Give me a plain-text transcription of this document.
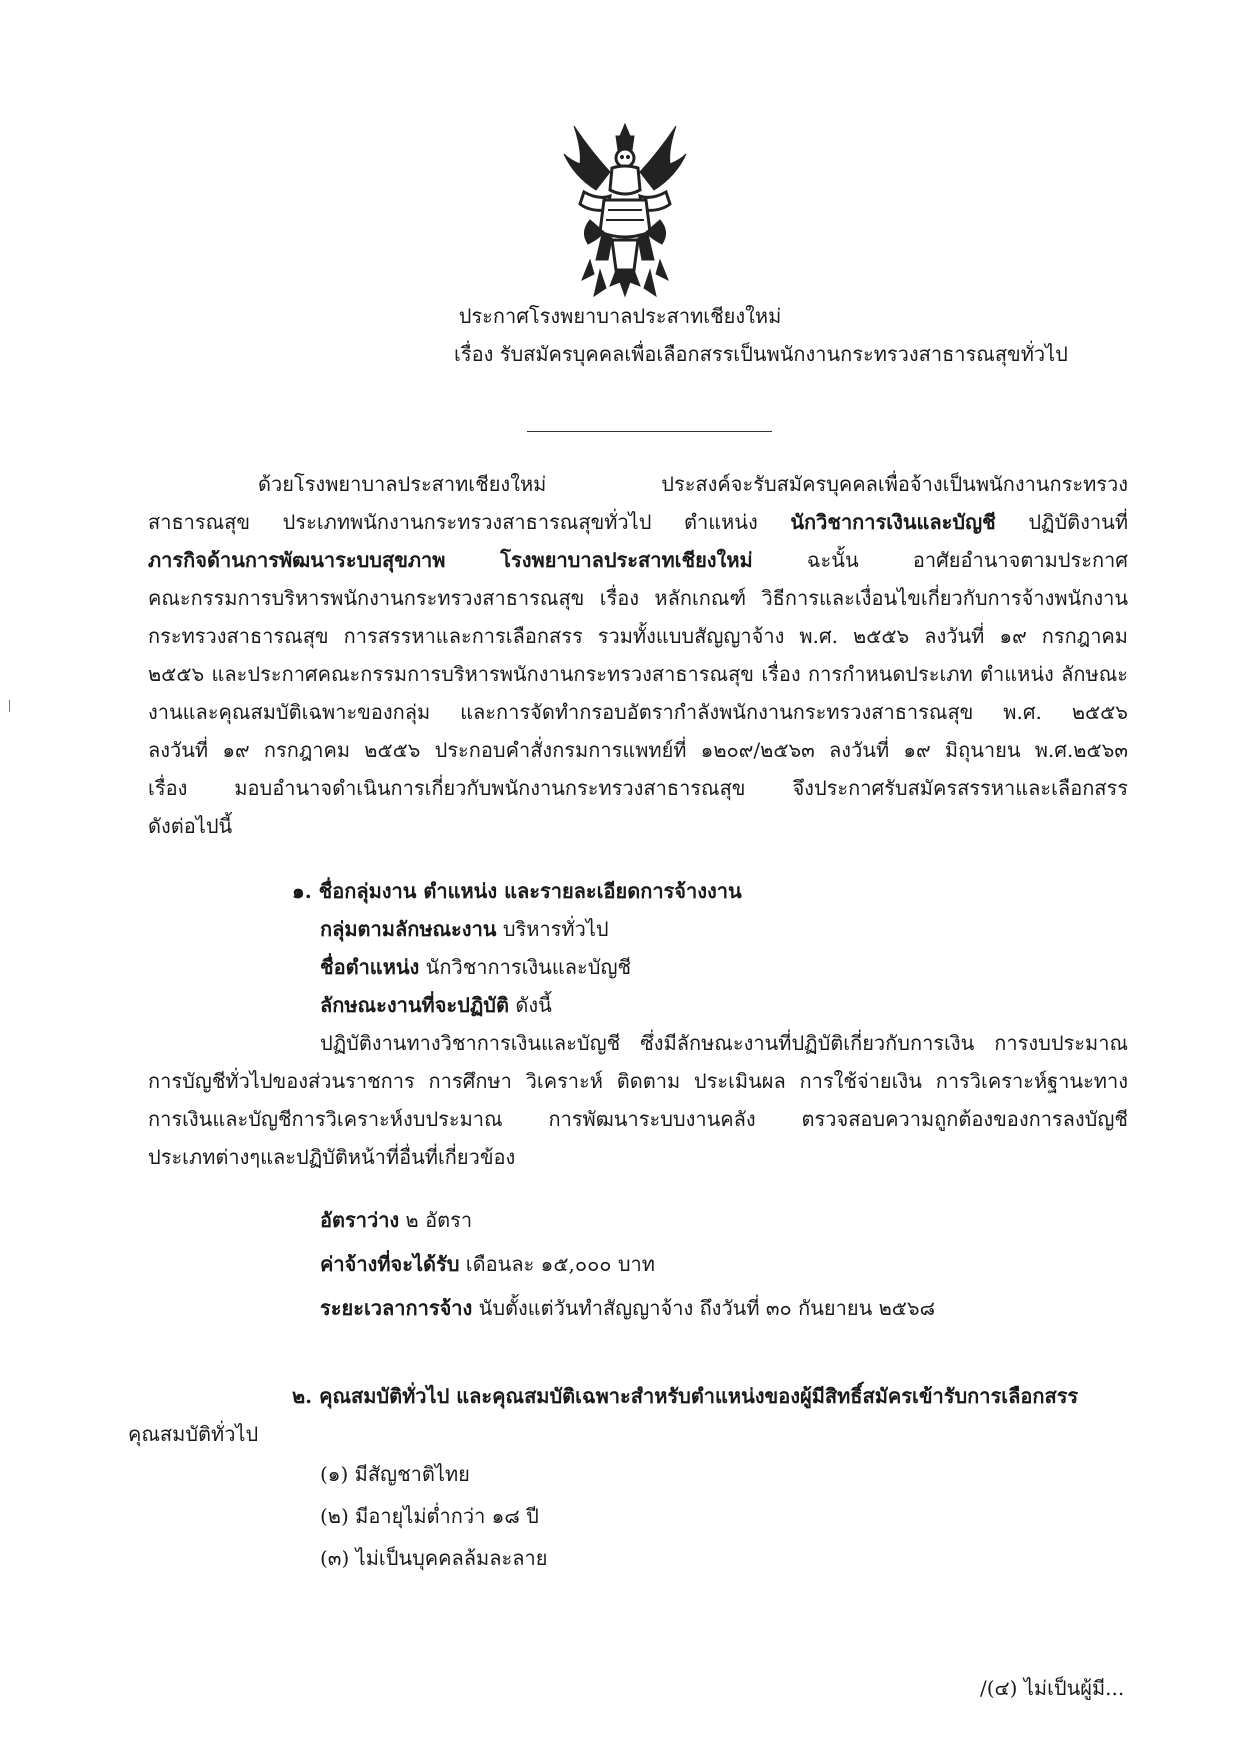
ประกาศโรงพยาบาลประสาทเชียงใหม่
เรื่อง รับสมัครบุคคลเพื่อเลือกสรรเป็นพนักงานกระทรวงสาธารณสุขทั่วไป
ด้วยโรงพยาบาลประสาทเชียงใหม่ ประสงค์จะรับสมัครบุคคลเพื่อจ้างเป็นพนักงานกระทรวง
สาธารณสุข ประเภทพนักงานกระทรวงสาธารณสุขทั่วไป ตำแหน่ง นักวิชาการเงินและบัญชี ปฏิบัติงานที่
ภารกิจด้านการพัฒนาระบบสุขภาพ โรงพยาบาลประสาทเชียงใหม่ ฉะนั้น อาศัยอำนาจตามประกาศ
คณะกรรมการบริหารพนักงานกระทรวงสาธารณสุข เรื่อง หลักเกณฑ์ วิธีการและเงื่อนไขเกี่ยวกับการจ้างพนักงาน
กระทรวงสาธารณสุข การสรรหาและการเลือกสรร รวมทั้งแบบสัญญาจ้าง พ.ศ. ๒๕๕๖ ลงวันที่ ๑๙ กรกฎาคม
๒๕๕๖ และประกาศคณะกรรมการบริหารพนักงานกระทรวงสาธารณสุข เรื่อง การกำหนดประเภท ตำแหน่ง ลักษณะ
งานและคุณสมบัติเฉพาะของกลุ่ม และการจัดทำกรอบอัตรากำลังพนักงานกระทรวงสาธารณสุข พ.ศ. ๒๕๕๖
ลงวันที่ ๑๙ กรกฎาคม ๒๕๕๖ ประกอบคำสั่งกรมการแพทย์ที่ ๑๒๐๙/๒๕๖๓ ลงวันที่ ๑๙ มิถุนายน พ.ศ.๒๕๖๓
เรื่อง มอบอำนาจดำเนินการเกี่ยวกับพนักงานกระทรวงสาธารณสุข จึงประกาศรับสมัครสรรหาและเลือกสรร
ดังต่อไปนี้
๑. ชื่อกลุ่มงาน ตำแหน่ง และรายละเอียดการจ้างงาน
กลุ่มตามลักษณะงาน บริหารทั่วไป
ชื่อตำแหน่ง นักวิชาการเงินและบัญชี
ลักษณะงานที่จะปฏิบัติ ดังนี้
ปฏิบัติงานทางวิชาการเงินและบัญชี ซึ่งมีลักษณะงานที่ปฏิบัติเกี่ยวกับการเงิน การงบประมาณ
การบัญชีทั่วไปของส่วนราชการ การศึกษา วิเคราะห์ ติดตาม ประเมินผล การใช้จ่ายเงิน การวิเคราะห์ฐานะทาง
การเงินและบัญชีการวิเคราะห์งบประมาณ การพัฒนาระบบงานคลัง ตรวจสอบความถูกต้องของการลงบัญชี
ประเภทต่างๆและปฏิบัติหน้าที่อื่นที่เกี่ยวข้อง
อัตราว่าง ๒ อัตรา
ค่าจ้างที่จะได้รับ เดือนละ ๑๕,๐๐๐ บาท
ระยะเวลาการจ้าง นับตั้งแต่วันทำสัญญาจ้าง ถึงวันที่ ๓๐ กันยายน ๒๕๖๘
๒. คุณสมบัติทั่วไป และคุณสมบัติเฉพาะสำหรับตำแหน่งของผู้มีสิทธิ์สมัครเข้ารับการเลือกสรร
คุณสมบัติทั่วไป
(๑) มีสัญชาติไทย
(๒) มีอายุไม่ต่ำกว่า ๑๘ ปี
(๓) ไม่เป็นบุคคลล้มละลาย
/(๔) ไม่เป็นผู้มี...
